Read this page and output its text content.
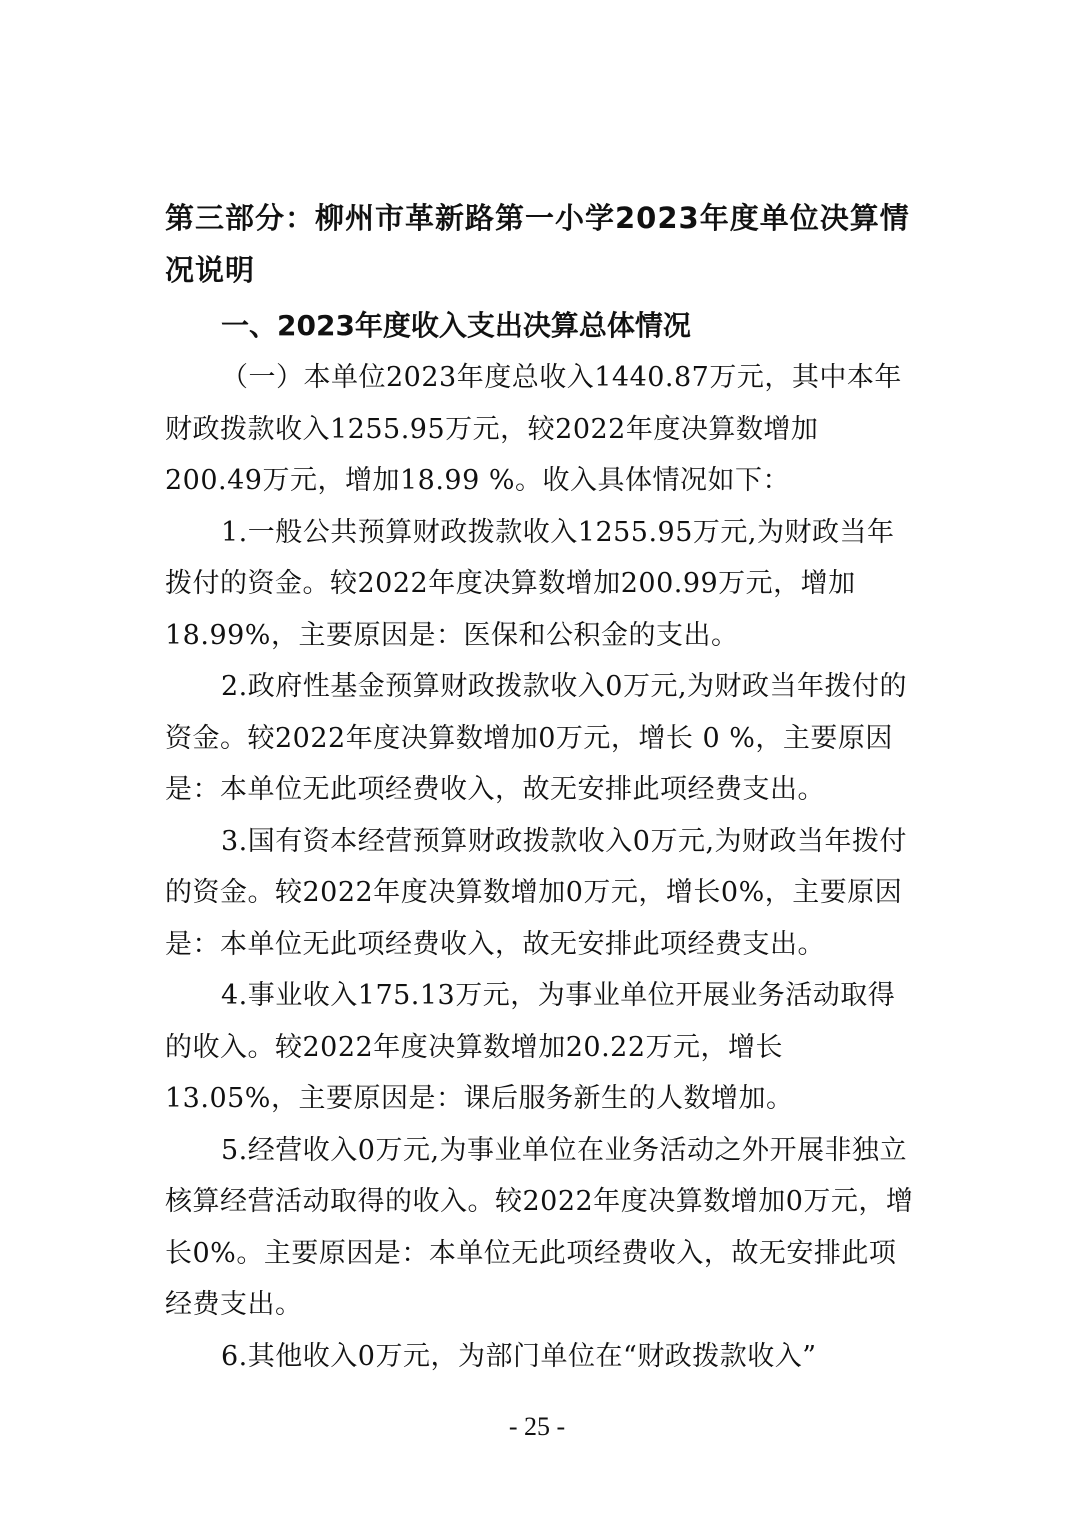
第三部分：柳州市革新路第一小学2023年度单位决算情况说明
一、2023年度收入支出决算总体情况

（一）本单位2023年度总收入1440.87万元，其中本年财政拨款收入1255.95万元，较2022年度决算数增加200.49万元，增加18.99 %。收入具体情况如下：

1.一般公共预算财政拨款收入1255.95万元,为财政当年拨付的资金。较2022年度决算数增加200.99万元，增加18.99%，主要原因是：医保和公积金的支出。

2.政府性基金预算财政拨款收入0万元,为财政当年拨付的资金。较2022年度决算数增加0万元，增长 0 %，主要原因是：本单位无此项经费收入，故无安排此项经费支出。

3.国有资本经营预算财政拨款收入0万元,为财政当年拨付的资金。较2022年度决算数增加0万元，增长0%，主要原因是：本单位无此项经费收入，故无安排此项经费支出。

4.事业收入175.13万元，为事业单位开展业务活动取得的收入。较2022年度决算数增加20.22万元，增长13.05%，主要原因是：课后服务新生的人数增加。

5.经营收入0万元,为事业单位在业务活动之外开展非独立核算经营活动取得的收入。较2022年度决算数增加0万元，增长0%。主要原因是：本单位无此项经费收入，故无安排此项经费支出。

6.其他收入0万元，为部门单位在“财政拨款收入”

- 25 -
